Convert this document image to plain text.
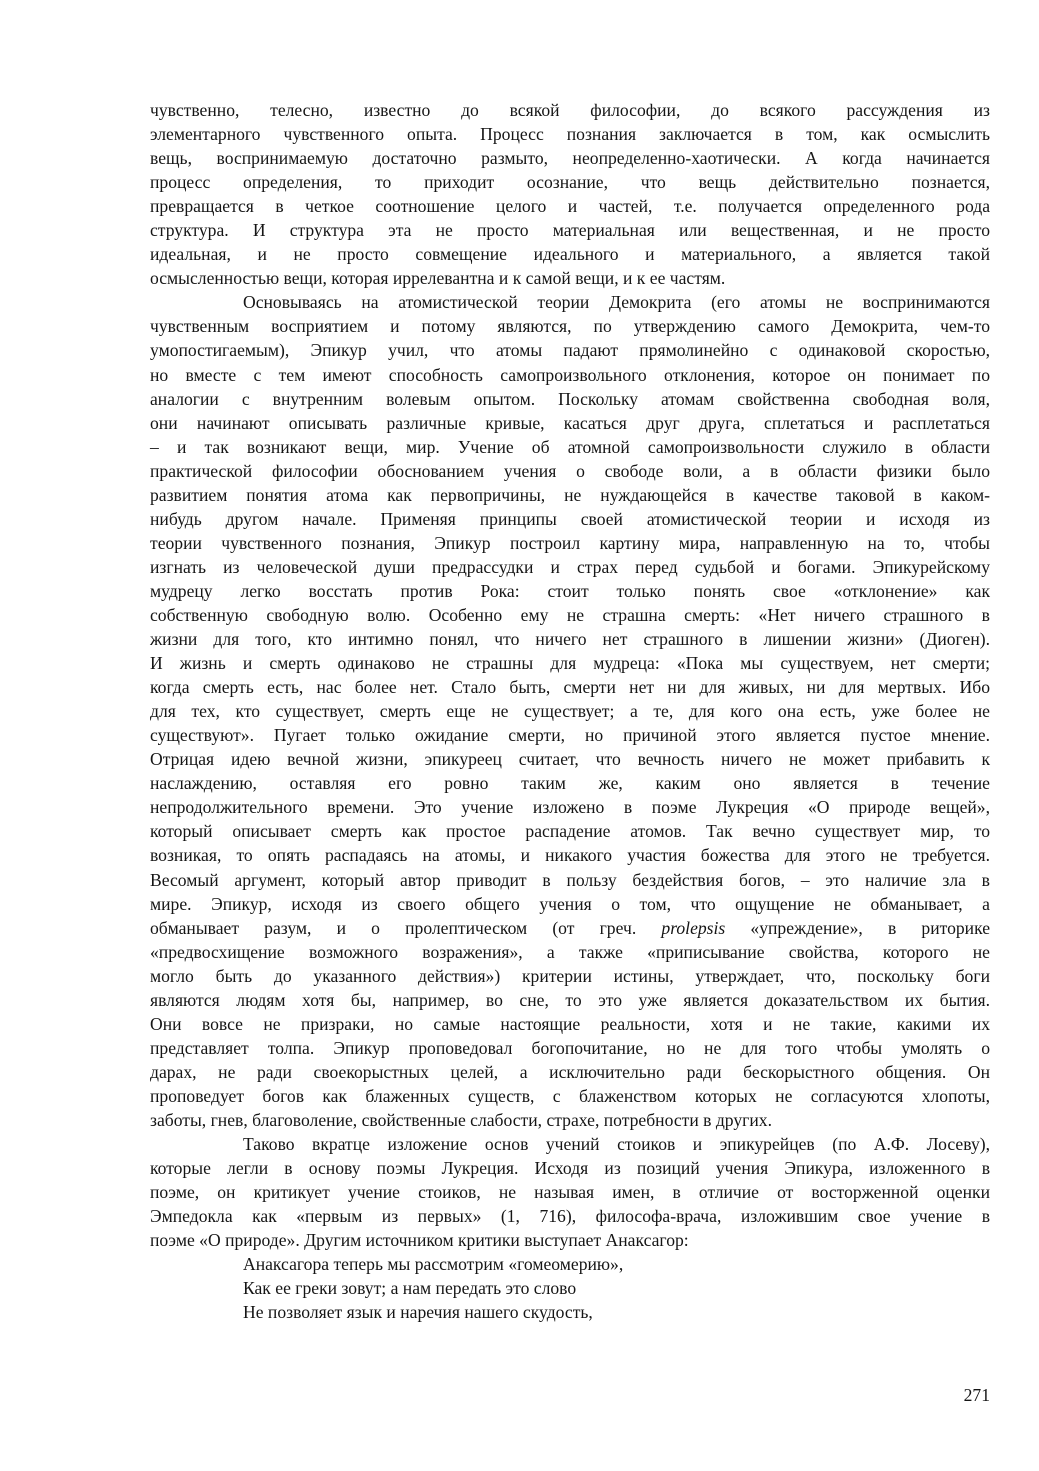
чувственно, телесно, известно до всякой философии, до всякого рассуждения из
элементарного чувственного опыта. Процесс познания заключается в том, как осмыслить
вещь, воспринимаемую достаточно размыто, неопределенно-хаотически. А когда начинается
процесс определения, то приходит осознание, что вещь действительно познается,
превращается в четкое соотношение целого и частей, т.е. получается определенного рода
структура. И структура эта не просто материальная или вещественная, и не просто
идеальная, и не просто совмещение идеального и материального, а является такой
осмысленностью вещи, которая иррелевантна и к самой вещи, и к ее частям.
Основываясь на атомистической теории Демокрита (его атомы не воспринимаются
чувственным восприятием и потому являются, по утверждению самого Демокрита, чем-то
умопостигаемым), Эпикур учил, что атомы падают прямолинейно с одинаковой скоростью,
но вместе с тем имеют способность самопроизвольного отклонения, которое он понимает по
аналогии с внутренним волевым опытом. Поскольку атомам свойственна свободная воля,
они начинают описывать различные кривые, касаться друг друга, сплетаться и расплетаться
– и так возникают вещи, мир. Учение об атомной самопроизвольности служило в области
практической философии обоснованием учения о свободе воли, а в области физики было
развитием понятия атома как первопричины, не нуждающейся в качестве таковой в каком-
нибудь другом начале. Применяя принципы своей атомистической теории и исходя из
теории чувственного познания, Эпикур построил картину мира, направленную на то, чтобы
изгнать из человеческой души предрассудки и страх перед судьбой и богами. Эпикурейскому
мудрецу легко восстать против Рока: стоит только понять свое «отклонение» как
собственную свободную волю. Особенно ему не страшна смерть: «Нет ничего страшного в
жизни для того, кто интимно понял, что ничего нет страшного в лишении жизни» (Диоген).
И жизнь и смерть одинаково не страшны для мудреца: «Пока мы существуем, нет смерти;
когда смерть есть, нас более нет. Стало быть, смерти нет ни для живых, ни для мертвых. Ибо
для тех, кто существует, смерть еще не существует; а те, для кого она есть, уже более не
существуют». Пугает только ожидание смерти, но причиной этого является пустое мнение.
Отрицая идею вечной жизни, эпикуреец считает, что вечность ничего не может прибавить к
наслаждению, оставляя его ровно таким же, каким оно является в течение
непродолжительного времени. Это учение изложено в поэме Лукреция «О природе вещей»,
который описывает смерть как простое распадение атомов. Так вечно существует мир, то
возникая, то опять распадаясь на атомы, и никакого участия божества для этого не требуется.
Весомый аргумент, который автор приводит в пользу бездействия богов, – это наличие зла в
мире. Эпикур, исходя из своего общего учения о том, что ощущение не обманывает, а
обманывает разум, и о пролептическом (от греч. prolepsis «упреждение», в риторике
«предвосхищение возможного возражения», а также «приписывание свойства, которого не
могло быть до указанного действия») критерии истины, утверждает, что, поскольку боги
являются людям хотя бы, например, во сне, то это уже является доказательством их бытия.
Они вовсе не призраки, но самые настоящие реальности, хотя и не такие, какими их
представляет толпа. Эпикур проповедовал богопочитание, но не для того чтобы умолять о
дарах, не ради своекорыстных целей, а исключительно ради бескорыстного общения. Он
проповедует богов как блаженных существ, с блаженством которых не согласуются хлопоты,
заботы, гнев, благоволение, свойственные слабости, страхе, потребности в других.
Таково вкратце изложение основ учений стоиков и эпикурейцев (по А.Ф. Лосеву),
которые легли в основу поэмы Лукреция. Исходя из позиций учения Эпикура, изложенного в
поэме, он критикует учение стоиков, не называя имен, в отличие от восторженной оценки
Эмпедокла как «первым из первых» (1, 716), философа-врача, изложившим свое учение в
поэме «О природе». Другим источником критики выступает Анаксагор:
Анаксагора теперь мы рассмотрим «гомеомерию»,
Как ее греки зовут; а нам передать это слово
Не позволяет язык и наречия нашего скудость,
271
